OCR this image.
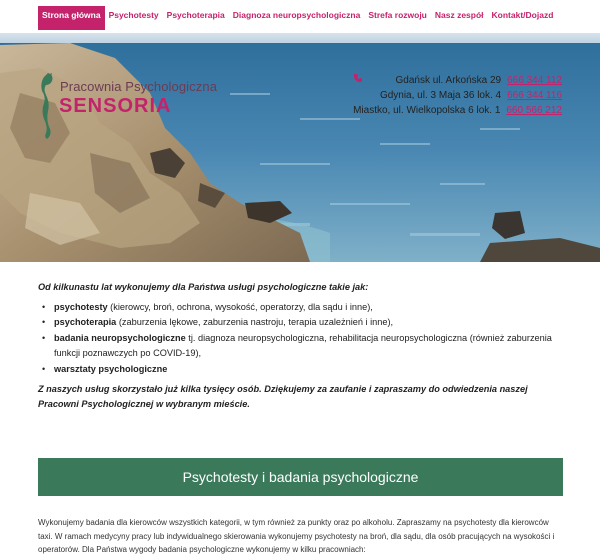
Strona główna Psychotesty Psychoterapia Diagnoza neuropsychologiczna Strefa rozwoju Nasz zespół Kontakt/Dojazd
Pracownia Psychologiczna
SENSORIA
Gdańsk ul. Arkońska 29 666 344 112
Gdynia, ul. 3 Maja 36 lok. 4 666 344 116
Miastko, ul. Wielkopolska 6 lok. 1 660 566 212

Od kilkunastu lat wykonujemy dla Państwa usługi psychologiczne takie jak:

• psychotesty (kierowcy, broń, ochrona, wysokość, operatorzy, dla sądu i inne),
• psychoterapia (zaburzenia lękowe, zaburzenia nastroju, terapia uzależnień i inne),
• badania neuropsychologiczne tj. diagnoza neuropsychologiczna, rehabilitacja neuropsychologiczna (również zaburzenia funkcji poznawczych po COVID-19),
• warsztaty psychologiczne

Z naszych usług skorzystało już kilka tysięcy osób. Dziękujemy za zaufanie i zapraszamy do odwiedzenia naszej Pracowni Psychologicznej w wybranym mieście.

Psychotesty i badania psychologiczne
Wykonujemy badania dla kierowców wszystkich kategorii, w tym również za punkty oraz po alkoholu. Zapraszamy na psychotesty dla kierowców taxi. W ramach medycyny pracy lub indywidualnego skierowania wykonujemy psychotesty na broń, dla sądu, dla osób pracujących na wysokości i operatorów. Dla Państwa wygody badania psychologiczne wykonujemy w kilku pracowniach:
